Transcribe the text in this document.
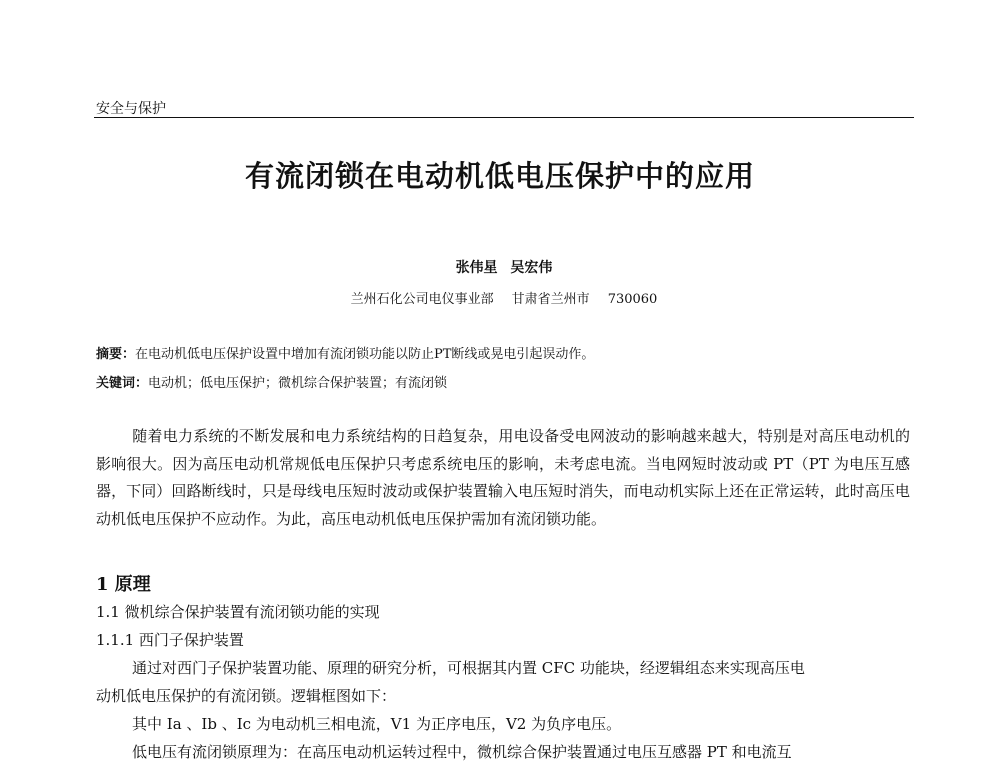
安全与保护
有流闭锁在电动机低电压保护中的应用
张伟星 吴宏伟
兰州石化公司电仪事业部 甘肃省兰州市 730060
摘要：在电动机低电压保护设置中增加有流闭锁功能以防止PT断线或晃电引起误动作。
关键词：电动机；低电压保护；微机综合保护装置；有流闭锁
随着电力系统的不断发展和电力系统结构的日趋复杂，用电设备受电网波动的影响越来越大，特别是对高压电动机的影响很大。因为高压电动机常规低电压保护只考虑系统电压的影响，未考虑电流。当电网短时波动或 PT（PT 为电压互感器，下同）回路断线时，只是母线电压短时波动或保护装置输入电压短时消失，而电动机实际上还在正常运转，此时高压电动机低电压保护不应动作。为此，高压电动机低电压保护需加有流闭锁功能。
1 原理
1.1 微机综合保护装置有流闭锁功能的实现
1.1.1 西门子保护装置
通过对西门子保护装置功能、原理的研究分析，可根据其内置 CFC 功能块，经逻辑组态来实现高压电
动机低电压保护的有流闭锁。逻辑框图如下：
其中 Ia 、Ib 、Ic 为电动机三相电流，V1 为正序电压，V2 为负序电压。
低电压有流闭锁原理为：在高压电动机运转过程中，微机综合保护装置通过电压互感器 PT 和电流互
